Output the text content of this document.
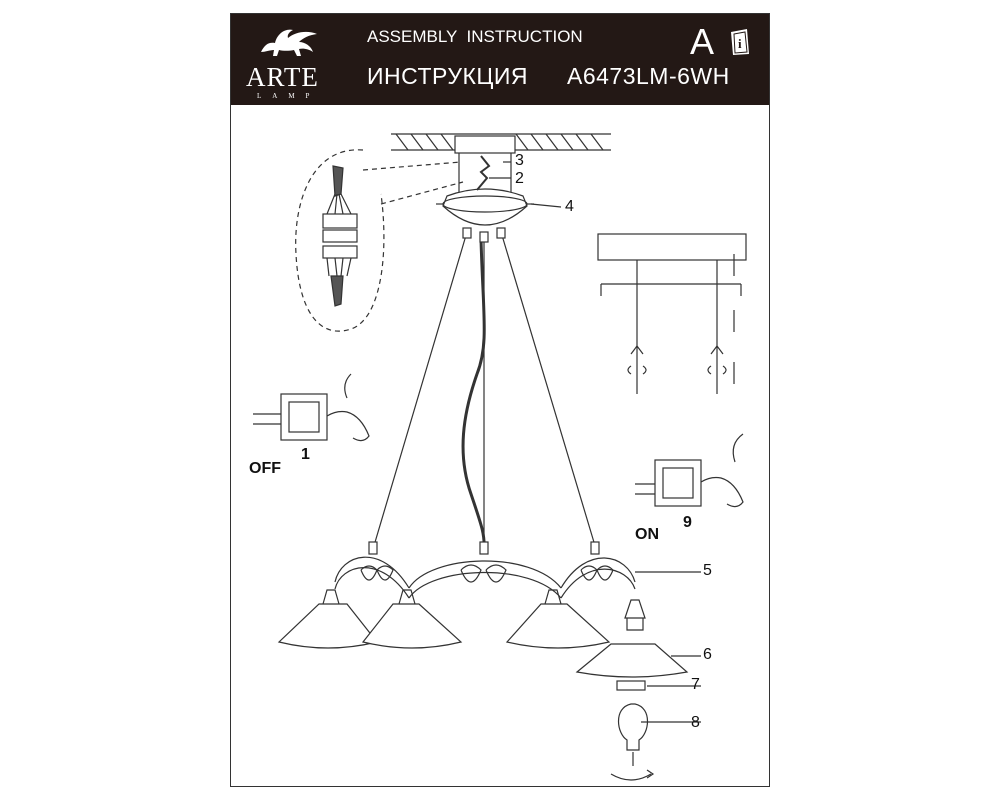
ARTE
LAMP
ASSEMBLY  INSTRUCTION
ИНСТРУКЦИЯ A6473LM-6WH
A i
3
2
4
5
6
7
8
1
9
OFF
ON
